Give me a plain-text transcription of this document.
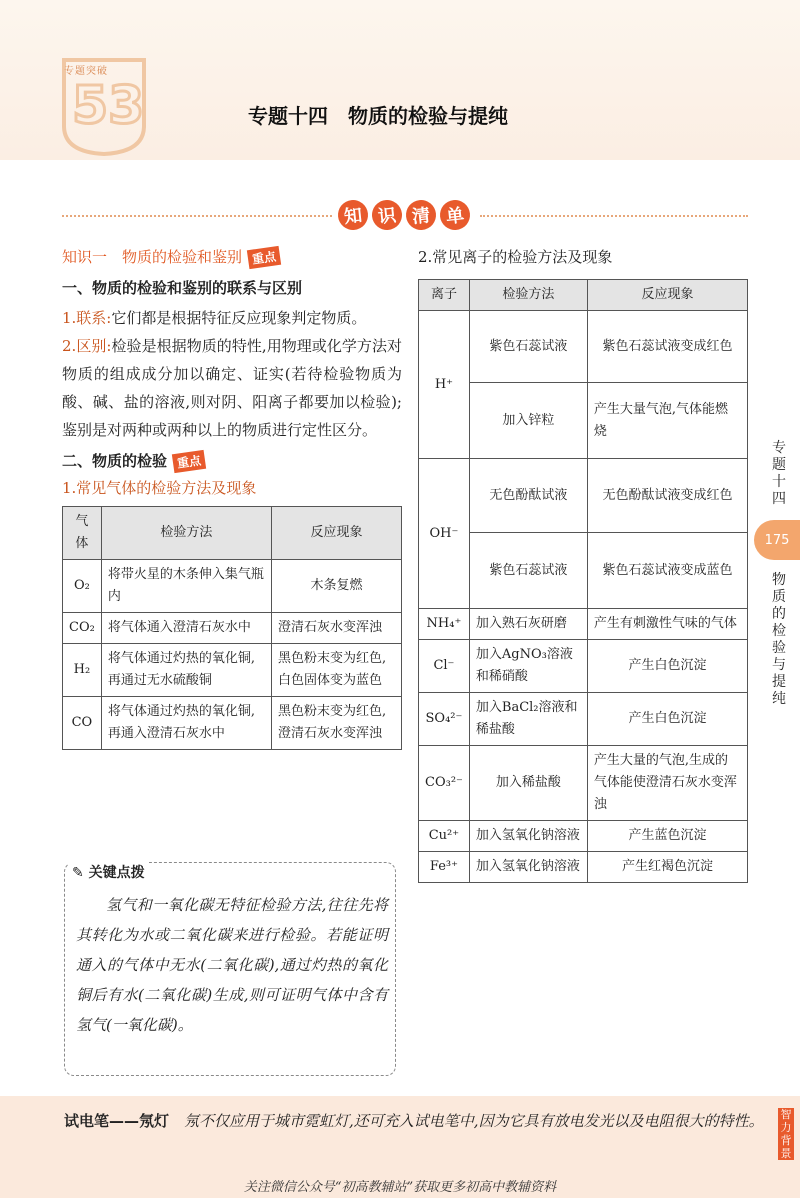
专题突破
53	专题十四　物质的检验与提纯
知 识 清 单
知识一　物质的检验和鉴别 重点
一、物质的检验和鉴别的联系与区别

1.联系:它们都是根据特征反应现象判定物质。

2.区别:检验是根据物质的特性,用物理或化学方法对物质的组成成分加以确定、证实(若待检验物质为酸、碱、盐的溶液,则对阴、阳离子都要加以检验);鉴别是对两种或两种以上的物质进行定性区分。

二、物质的检验 重点
1.常见气体的检验方法及现象
气体	检验方法	反应现象
O₂	将带火星的木条伸入集气瓶内	木条复燃
CO₂	将气体通入澄清石灰水中	澄清石灰水变浑浊
H₂	将气体通过灼热的氧化铜,再通过无水硫酸铜	黑色粉末变为红色,白色固体变为蓝色
CO	将气体通过灼热的氧化铜,再通入澄清石灰水中	黑色粉末变为红色,澄清石灰水变浑浊
✎ 关键点拨
氢气和一氧化碳无特征检验方法,往往先将其转化为水或二氧化碳来进行检验。若能证明通入的气体中无水(二氧化碳),通过灼热的氧化铜后有水(二氧化碳)生成,则可证明气体中含有氢气(一氧化碳)。
2.常见离子的检验方法及现象
离子	检验方法	反应现象
H⁺	紫色石蕊试液	紫色石蕊试液变成红色
	加入锌粒	产生大量气泡,气体能燃烧
OH⁻	无色酚酞试液	无色酚酞试液变成红色
	紫色石蕊试液	紫色石蕊试液变成蓝色
NH₄⁺	加入熟石灰研磨	产生有刺激性气味的气体
Cl⁻	加入AgNO₃溶液和稀硝酸	产生白色沉淀
SO₄²⁻	加入BaCl₂溶液和稀盐酸	产生白色沉淀
CO₃²⁻	加入稀盐酸	产生大量的气泡,生成的气体能使澄清石灰水变浑浊
Cu²⁺	加入氢氧化钠溶液	产生蓝色沉淀
Fe³⁺	加入氢氧化钠溶液	产生红褐色沉淀
专题十四
175
物质的检验与提纯
试电笔——氖灯　 氖不仅应用于城市霓虹灯,还可充入试电笔中,因为它具有放电发光以及电阻很大的特性。 智力背景
关注微信公众号“初高教辅站”获取更多初高中教辅资料
